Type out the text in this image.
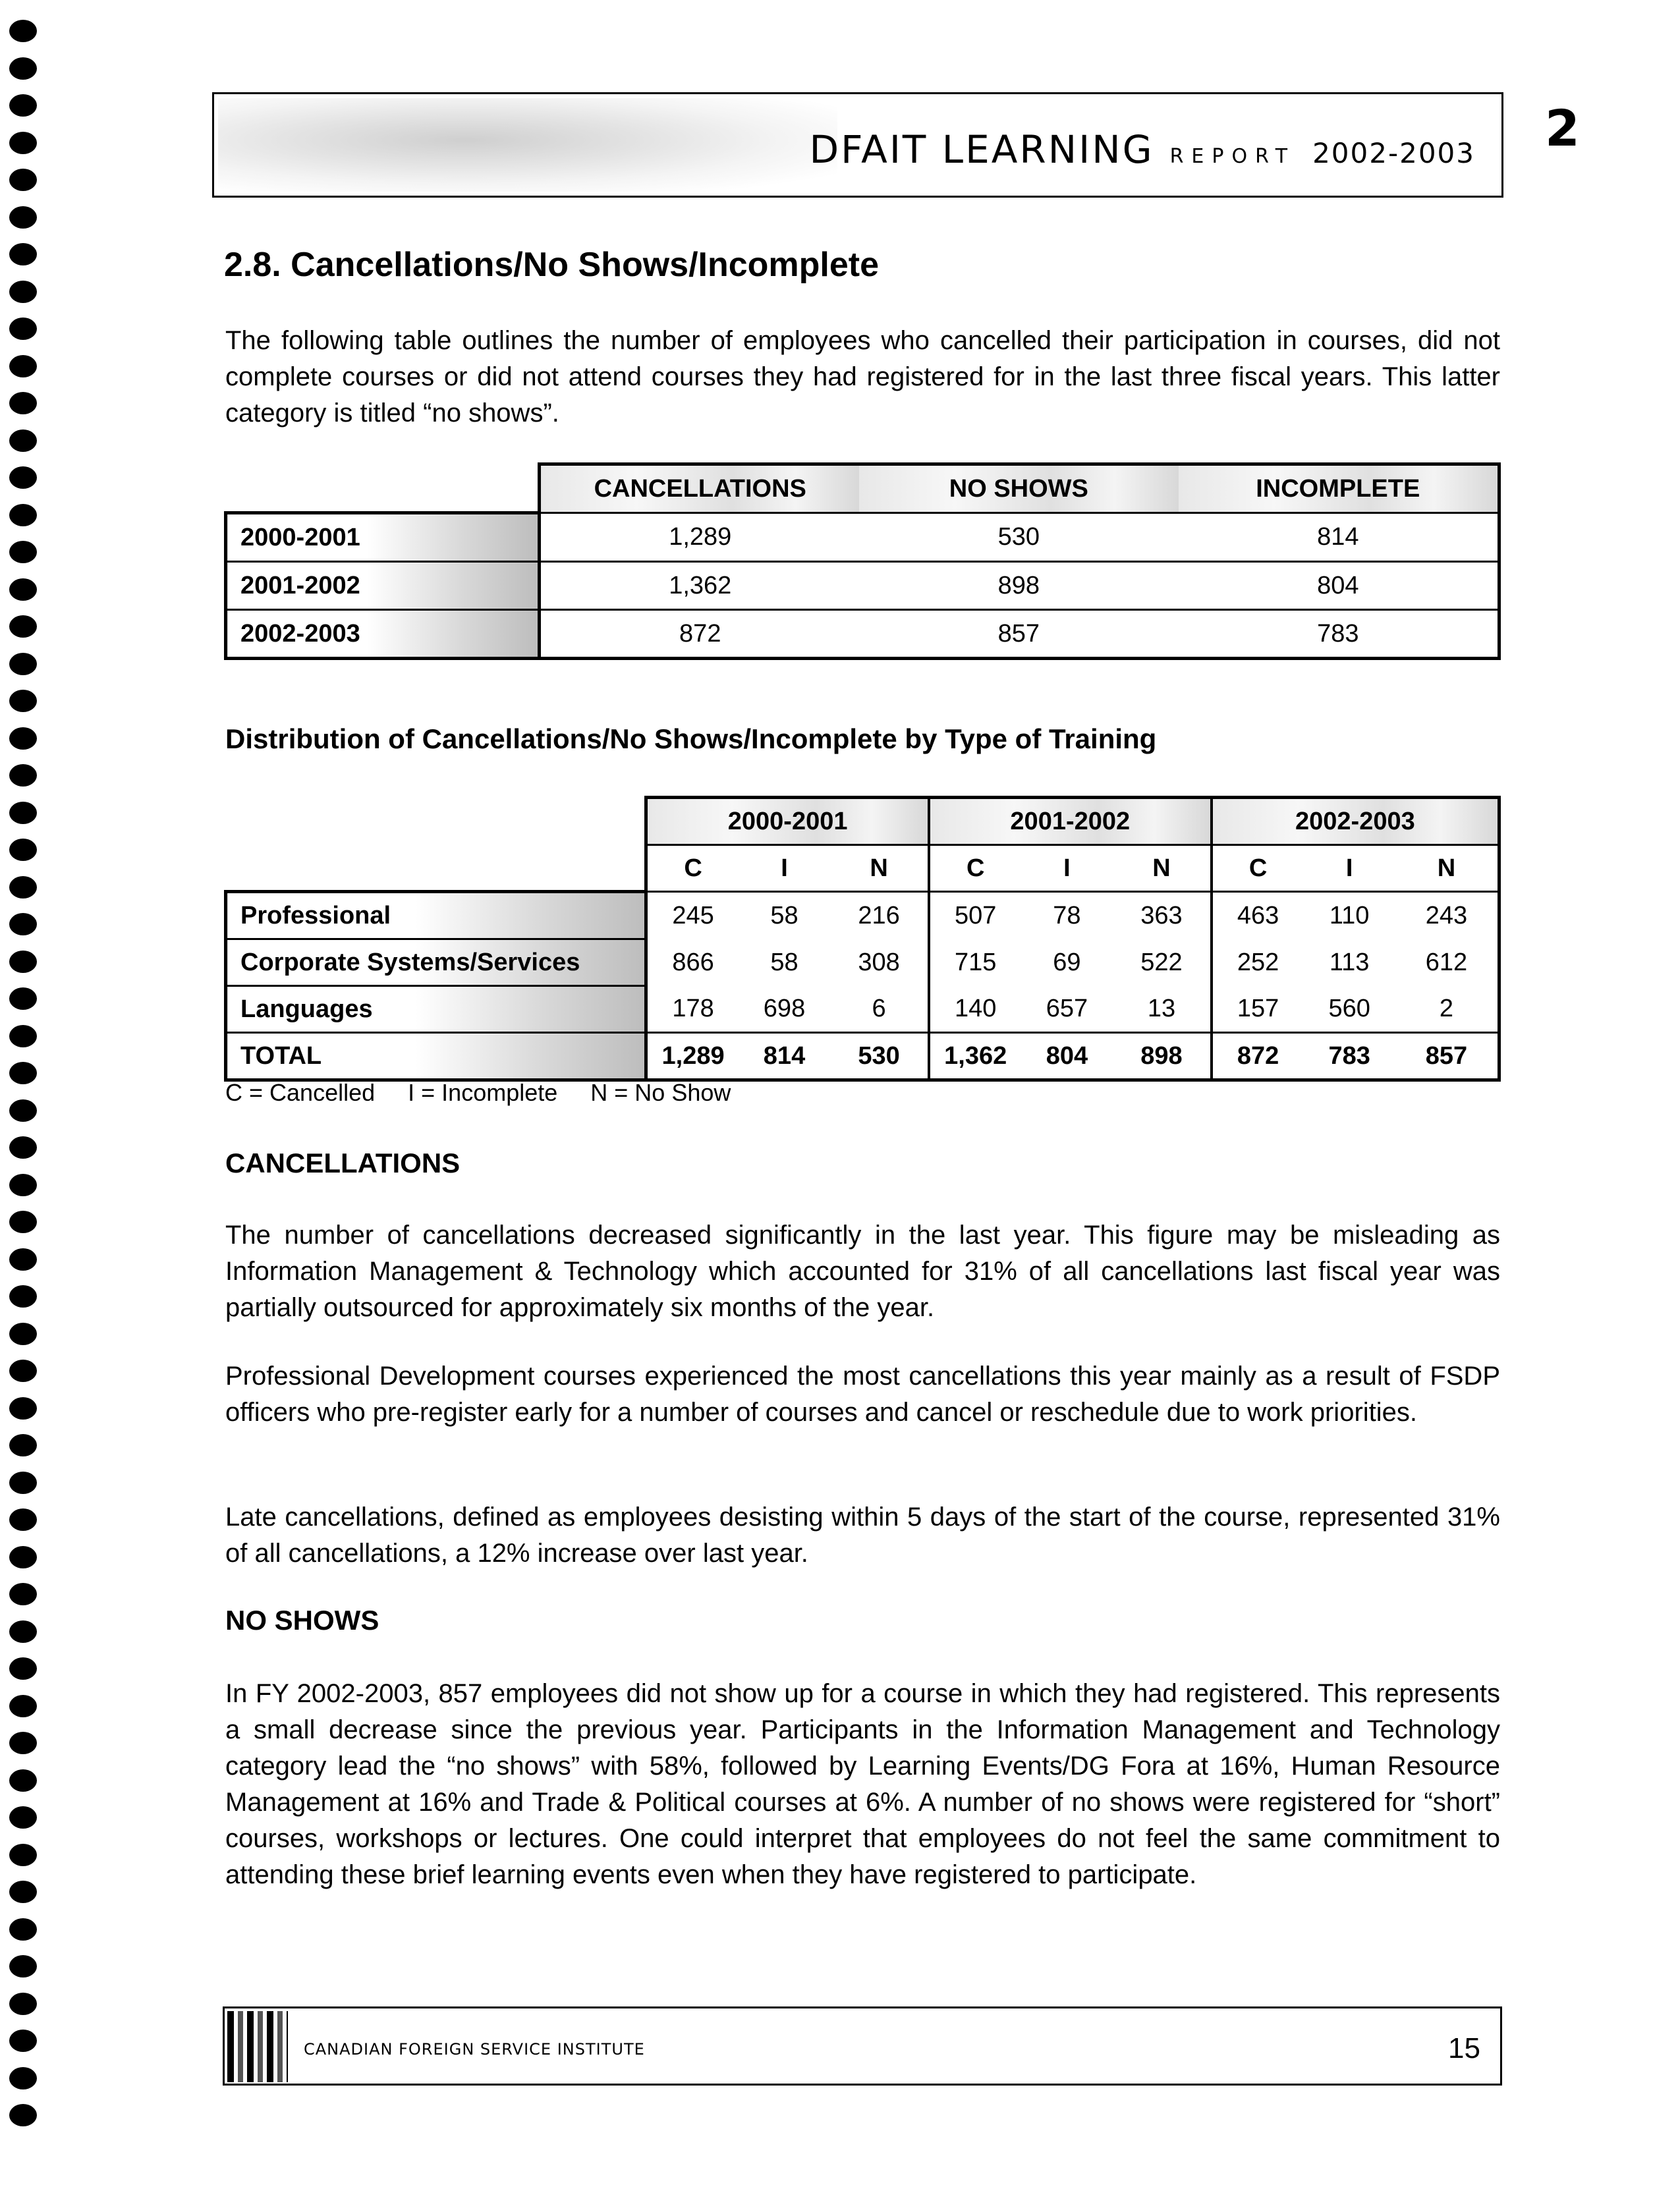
DFAIT LEARNING REPORT 2002-2003 2
2.8. Cancellations/No Shows/Incomplete

The following table outlines the number of employees who cancelled their participation in courses, did not complete courses or did not attend courses they had registered for in the last three fiscal years. This latter category is titled “no shows”.

	CANCELLATIONS	NO SHOWS	INCOMPLETE
2000-2001	1,289	530	814
2001-2002	1,362	898	804
2002-2003	872	857	783
Distribution of Cancellations/No Shows/Incomplete by Type of Training
	2000-2001			2001-2002			2002-2003		
	C	I	N	C	I	N	C	I	N
Professional	245	58	216	507	78	363	463	110	243
Corporate Systems/Services	866	58	308	715	69	522	252	113	612
Languages	178	698	6	140	657	13	157	560	2
TOTAL	1,289	814	530	1,362	804	898	872	783	857
C = Cancelled     I = Incomplete     N = No Show
CANCELLATIONS

The number of cancellations decreased significantly in the last year. This figure may be misleading as Information Management & Technology which accounted for 31% of all cancellations last fiscal year was partially outsourced for approximately six months of the year.

Professional Development courses experienced the most cancellations this year mainly as a result of FSDP officers who pre-register early for a number of courses and cancel or reschedule due to work priorities.

Late cancellations, defined as employees desisting within 5 days of the start of the course, represented 31% of all cancellations, a 12% increase over last year.

NO SHOWS

In FY 2002-2003, 857 employees did not show up for a course in which they had registered. This represents a small decrease since the previous year. Participants in the Information Management and Technology category lead the “no shows” with 58%, followed by Learning Events/DG Fora at 16%, Human Resource Management at 16% and Trade & Political courses at 6%. A number of no shows were registered for “short” courses, workshops or lectures. One could interpret that employees do not feel the same commitment to attending these brief learning events even when they have registered to participate.

CANADIAN FOREIGN SERVICE INSTITUTE	15
